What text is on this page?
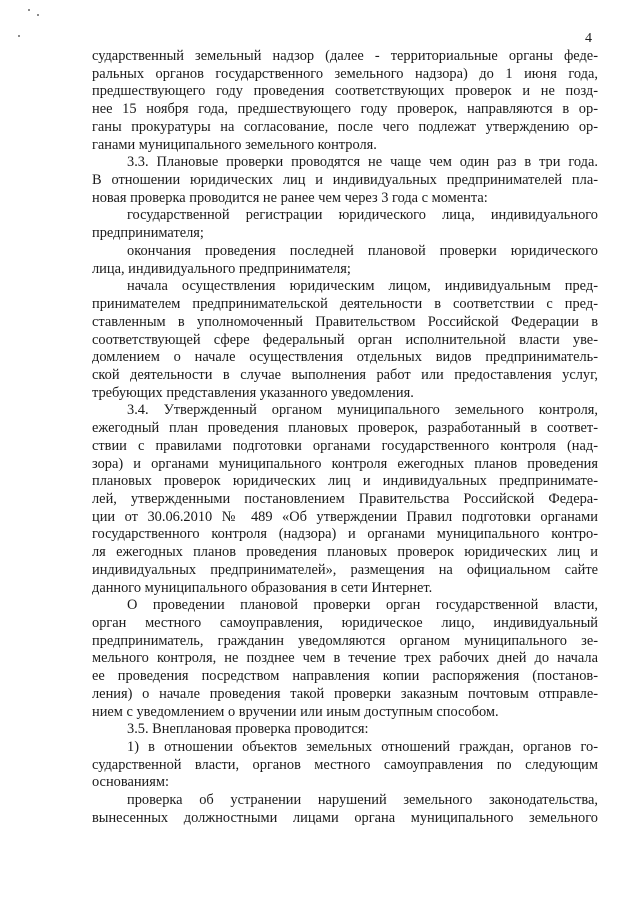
4
сударственный земельный надзор (далее - территориальные органы феде-
ральных органов государственного земельного надзора) до 1 июня года,
предшествующего году проведения соответствующих проверок и не позд-
нее 15 ноября года, предшествующего году проверок, направляются в ор-
ганы прокуратуры на согласование, после чего подлежат утверждению ор-
ганами муниципального земельного контроля.
3.3. Плановые проверки проводятся не чаще чем один раз в три года.
В отношении юридических лиц и индивидуальных предпринимателей пла-
новая проверка проводится не ранее чем через 3 года с момента:
государственной регистрации юридического лица, индивидуального
предпринимателя;
окончания проведения последней плановой проверки юридического
лица, индивидуального предпринимателя;
начала осуществления юридическим лицом, индивидуальным пред-
принимателем предпринимательской деятельности в соответствии с пред-
ставленным в уполномоченный Правительством Российской Федерации в
соответствующей сфере федеральный орган исполнительной власти уве-
домлением о начале осуществления отдельных видов предприниматель-
ской деятельности в случае выполнения работ или предоставления услуг,
требующих представления указанного уведомления.
3.4. Утвержденный органом муниципального земельного контроля,
ежегодный план проведения плановых проверок, разработанный в соответ-
ствии с правилами подготовки органами государственного контроля (над-
зора) и органами муниципального контроля ежегодных планов проведения
плановых проверок юридических лиц и индивидуальных предпринимате-
лей, утвержденными постановлением Правительства Российской Федера-
ции от 30.06.2010 № 489 «Об утверждении Правил подготовки органами
государственного контроля (надзора) и органами муниципального контро-
ля ежегодных планов проведения плановых проверок юридических лиц и
индивидуальных предпринимателей», размещения на официальном сайте
данного муниципального образования в сети Интернет.
О проведении плановой проверки орган государственной власти,
орган местного самоуправления, юридическое лицо, индивидуальный
предприниматель, гражданин уведомляются органом муниципального зе-
мельного контроля, не позднее чем в течение трех рабочих дней до начала
ее проведения посредством направления копии распоряжения (постанов-
ления) о начале проведения такой проверки заказным почтовым отправле-
нием с уведомлением о вручении или иным доступным способом.
3.5. Внеплановая проверка проводится:
1) в отношении объектов земельных отношений граждан, органов го-
сударственной власти, органов местного самоуправления по следующим
основаниям:
проверка об устранении нарушений земельного законодательства,
вынесенных должностными лицами органа муниципального земельного
